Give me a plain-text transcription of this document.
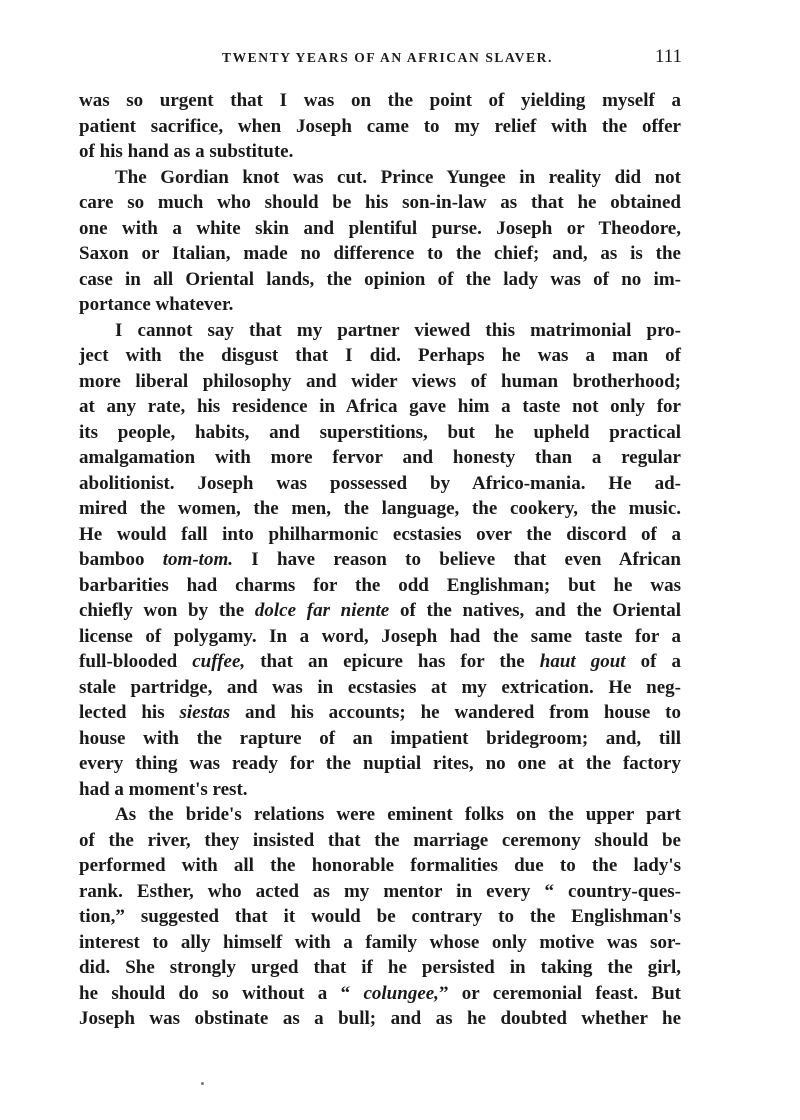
TWENTY YEARS OF AN AFRICAN SLAVER.	111
was so urgent that I was on the point of yielding myself a
patient sacrifice, when Joseph came to my relief with the offer
of his hand as a substitute.
The Gordian knot was cut. Prince Yungee in reality did not
care so much who should be his son-in-law as that he obtained
one with a white skin and plentiful purse. Joseph or Theodore,
Saxon or Italian, made no difference to the chief; and, as is the
case in all Oriental lands, the opinion of the lady was of no im-
portance whatever.
I cannot say that my partner viewed this matrimonial pro-
ject with the disgust that I did. Perhaps he was a man of
more liberal philosophy and wider views of human brotherhood;
at any rate, his residence in Africa gave him a taste not only for
its people, habits, and superstitions, but he upheld practical
amalgamation with more fervor and honesty than a regular
abolitionist. Joseph was possessed by Africo-mania. He ad-
mired the women, the men, the language, the cookery, the music.
He would fall into philharmonic ecstasies over the discord of a
bamboo tom-tom. I have reason to believe that even African
barbarities had charms for the odd Englishman; but he was
chiefly won by the dolce far niente of the natives, and the Oriental
license of polygamy. In a word, Joseph had the same taste for a
full-blooded cuffee, that an epicure has for the haut gout of a
stale partridge, and was in ecstasies at my extrication. He neg-
lected his siestas and his accounts; he wandered from house to
house with the rapture of an impatient bridegroom; and, till
every thing was ready for the nuptial rites, no one at the factory
had a moment's rest.
As the bride's relations were eminent folks on the upper part
of the river, they insisted that the marriage ceremony should be
performed with all the honorable formalities due to the lady's
rank. Esther, who acted as my mentor in every “ country-ques-
tion,” suggested that it would be contrary to the Englishman's
interest to ally himself with a family whose only motive was sor-
did. She strongly urged that if he persisted in taking the girl,
he should do so without a “ colungee,” or ceremonial feast. But
Joseph was obstinate as a bull; and as he doubted whether he
